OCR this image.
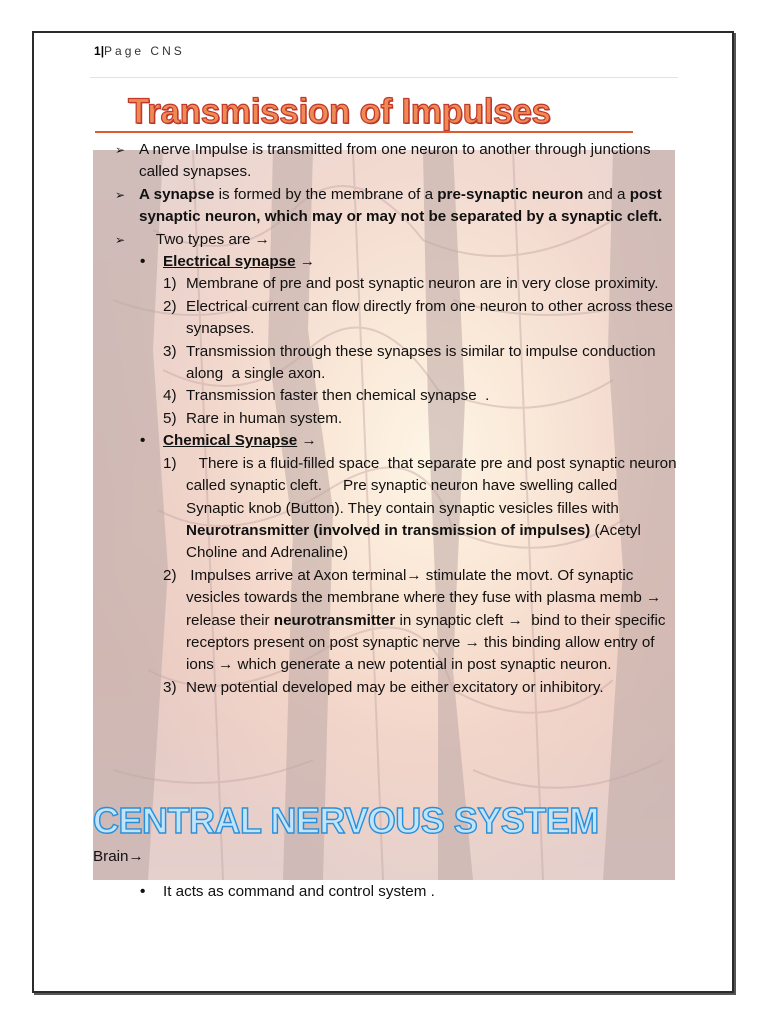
1|Page CNS
Transmission of Impulses
➢ A nerve Impulse is transmitted from one neuron to another through junctions called synapses.
➢ A synapse is formed by the membrane of a pre-synaptic neuron and a post synaptic neuron, which may or may not be separated by a synaptic cleft.
➢ Two types are →
• Electrical synapse →
1) Membrane of pre and post synaptic neuron are in very close proximity.
2) Electrical current can flow directly from one neuron to other across these synapses.
3) Transmission through these synapses is similar to impulse conduction along  a single axon.
4) Transmission faster then chemical synapse  .
5) Rare in human system.
• Chemical Synapse →
1) There is a fluid-filled space  that separate pre and post synaptic neuron called synaptic cleft.     Pre synaptic neuron have swelling called Synaptic knob (Button). They contain synaptic vesicles filles with Neurotransmitter (involved in transmission of impulses) (Acetyl Choline and Adrenaline)
2) Impulses arrive at Axon terminal→ stimulate the movt. Of synaptic vesicles towards the membrane where they fuse with plasma memb → release their neurotransmitter in synaptic cleft →  bind to their specific receptors present on post synaptic nerve → this binding allow entry of ions → which generate a new potential in post synaptic neuron.
3) New potential developed may be either excitatory or inhibitory.
CENTRAL NERVOUS SYSTEM
Brain→
• It acts as command and control system .
